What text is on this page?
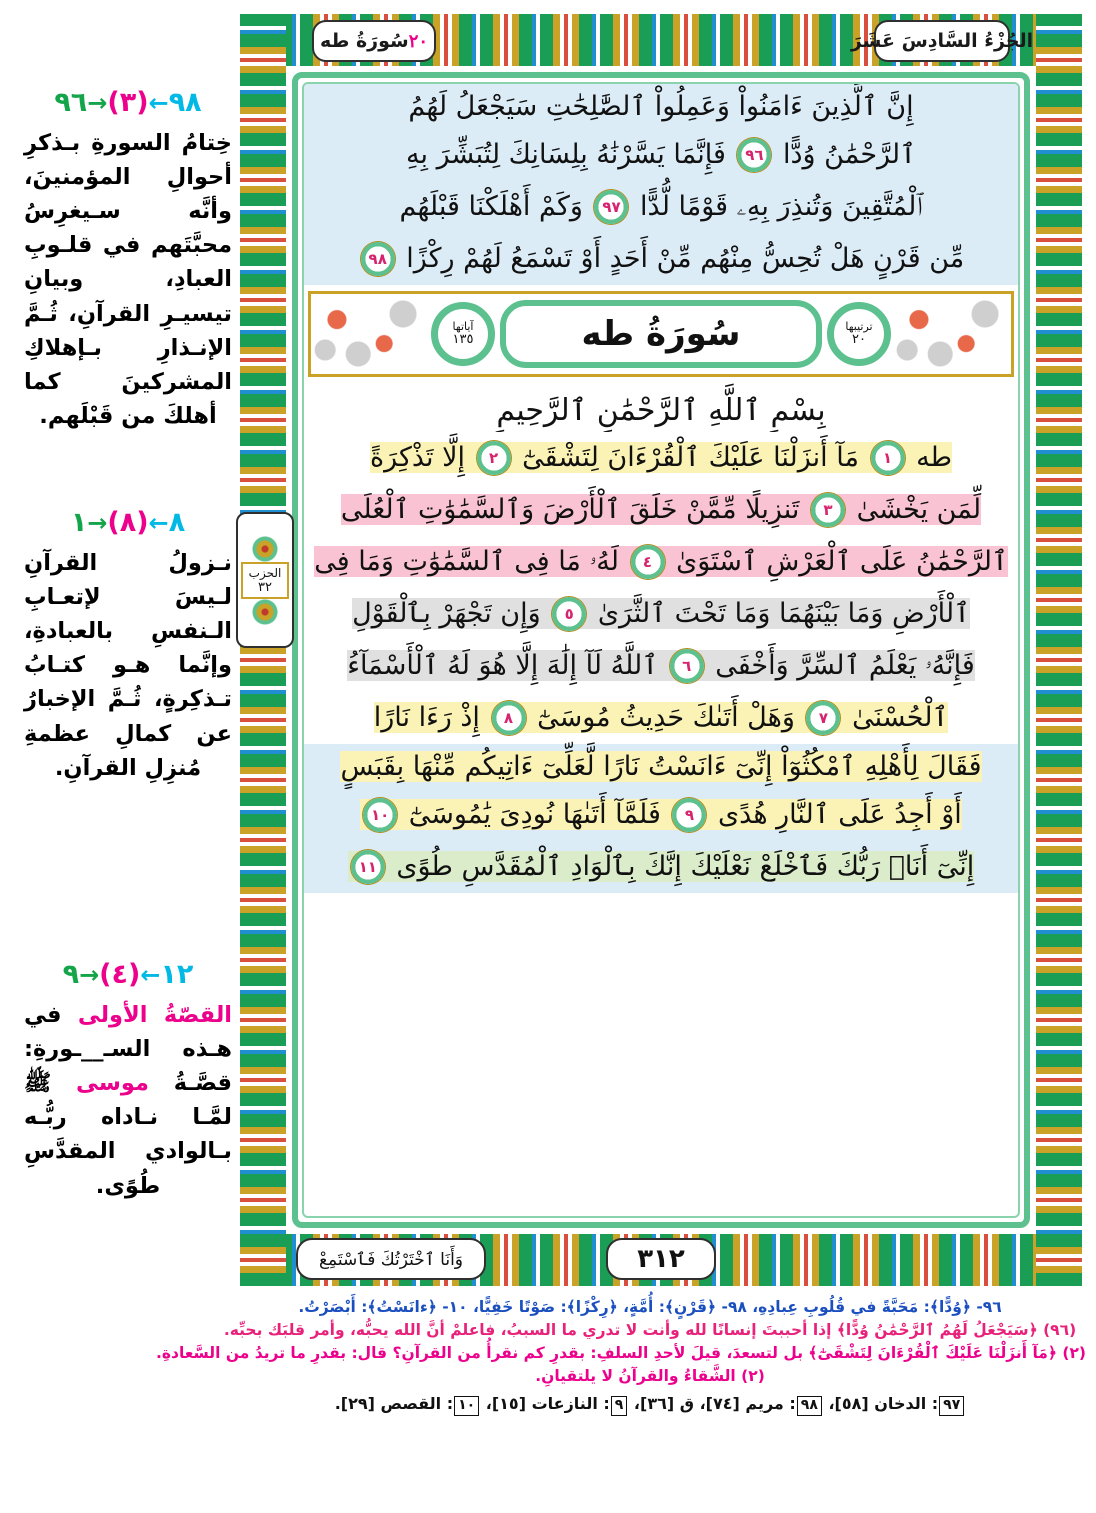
٩٨←(٣)→٩٦
خِتامُ السورةِ بـذكرِ أحوالِ المؤمنينَ، وأنَّه سـيغرِسُ محبَّتَهم في قلـوبِ العبادِ، وبيانِ تيسيـرِ القرآنِ، ثُـمَّ الإنـذارِ بـإهلاكِ المشركينَ كما أهلكَ من قَبْلَهم.
٨←(٨)→١
نـزولُ القرآنِ لـيسَ لإتعـابِ الـنفسِ بالعبادةِ، وإنَّما هـو كتـابُ تـذكِرةٍ، ثُـمَّ الإخبارُ عن كمالِ عظمةِ مُنزِلِ القرآنِ.
١٢←(٤)→٩
القصّةُ الأولى في هـذه السـ__ـورةِ: قصَّـةُ موسى ﷺ لمَّـا نـاداه ربُّـه بـالوادي المقدَّسِ طُوًى.
سُورَةُ طه ٢٠	الجُزْءُ السَّادِسَ عَشَرَ
٣١٢
وَأَنَا ٱخْتَرْتُكَ فَٱسْتَمِعْ
إِنَّ ٱلَّذِينَ ءَامَنُواْ وَعَمِلُواْ ٱلصَّٰلِحَٰتِ سَيَجْعَلُ لَهُمُ
ٱلرَّحْمَٰنُ وُدًّا ٩٦ فَإِنَّمَا يَسَّرْنَٰهُ بِلِسَانِكَ لِتُبَشِّرَ بِهِ
ٱلْمُتَّقِينَ وَتُنذِرَ بِهِۦ قَوْمًا لُّدًّا ٩٧ وَكَمْ أَهْلَكْنَا قَبْلَهُم
مِّن قَرْنٍ هَلْ تُحِسُّ مِنْهُم مِّنْ أَحَدٍ أَوْ تَسْمَعُ لَهُمْ رِكْزًا ٩٨
آياتها
١٣٥	سُورَةُ طه	ترتيبها
٢٠
بِسْمِ ٱللَّهِ ٱلرَّحْمَٰنِ ٱلرَّحِيمِ
طه ١ مَآ أَنزَلْنَا عَلَيْكَ ٱلْقُرْءَانَ لِتَشْقَىٰٓ ٢ إِلَّا تَذْكِرَةً
لِّمَن يَخْشَىٰ ٣ تَنزِيلًا مِّمَّنْ خَلَقَ ٱلْأَرْضَ وَٱلسَّمَٰوَٰتِ ٱلْعُلَى
ٱلرَّحْمَٰنُ عَلَى ٱلْعَرْشِ ٱسْتَوَىٰ ٤ لَهُۥ مَا فِى ٱلسَّمَٰوَٰتِ وَمَا فِى
ٱلْأَرْضِ وَمَا بَيْنَهُمَا وَمَا تَحْتَ ٱلثَّرَىٰ ٥ وَإِن تَجْهَرْ بِٱلْقَوْلِ
فَإِنَّهُۥ يَعْلَمُ ٱلسِّرَّ وَأَخْفَى ٦ ٱللَّهُ لَآ إِلَٰهَ إِلَّا هُوَ لَهُ ٱلْأَسْمَآءُ
ٱلْحُسْنَىٰ ٧ وَهَلْ أَتَىٰكَ حَدِيثُ مُوسَىٰٓ ٨ إِذْ رَءَا نَارًا
فَقَالَ لِأَهْلِهِ ٱمْكُثُوٓاْ إِنِّىٓ ءَانَسْتُ نَارًا لَّعَلِّىٓ ءَاتِيكُم مِّنْهَا بِقَبَسٍ
أَوْ أَجِدُ عَلَى ٱلنَّارِ هُدًى ٩ فَلَمَّآ أَتَىٰهَا نُودِىَ يَٰمُوسَىٰٓ ١٠
إِنِّىٓ أَنَا۠ رَبُّكَ فَٱخْلَعْ نَعْلَيْكَ إِنَّكَ بِٱلْوَادِ ٱلْمُقَدَّسِ طُوًى ١١
الحزب
٣٢
٩٦- ﴿وُدًّا﴾: مَحَبَّةً في قُلُوبِ عِبادِهِ، ٩٨- ﴿قَرْنٍ﴾: أُمَّةٍ، ﴿رِكْزًا﴾: صَوْتًا خَفِيًّا، ١٠- ﴿ءانَسْتُ﴾: أَبْصَرْتُ.
(٩٦) ﴿سَيَجْعَلُ لَهُمُ ٱلرَّحْمَٰنُ وُدًّا﴾ إذا أحببتَ إنسانًا لله وأنت لا تدري ما السببُ، فاعلمْ أنَّ الله يحبُّه، وأمر قلبَك بحبِّه.
(٢) ﴿مَآ أَنزَلْنَا عَلَيْكَ ٱلْقُرْءَانَ لِتَشْقَىٰٓ﴾ بل لتسعدَ، قيلَ لأحدِ السلفِ: بقدرِ كم نقرأُ من القرآنِ؟ قال: بقدرِ ما تريدُ من السَّعادةِ.
(٢) الشَّقاءُ والقرآنُ لا يلتقيانِ.
٩٧: الدخان [٥٨]، ٩٨: مريم [٧٤]، ق [٣٦]، ٩: النازعات [١٥]، ١٠: القصص [٢٩].
